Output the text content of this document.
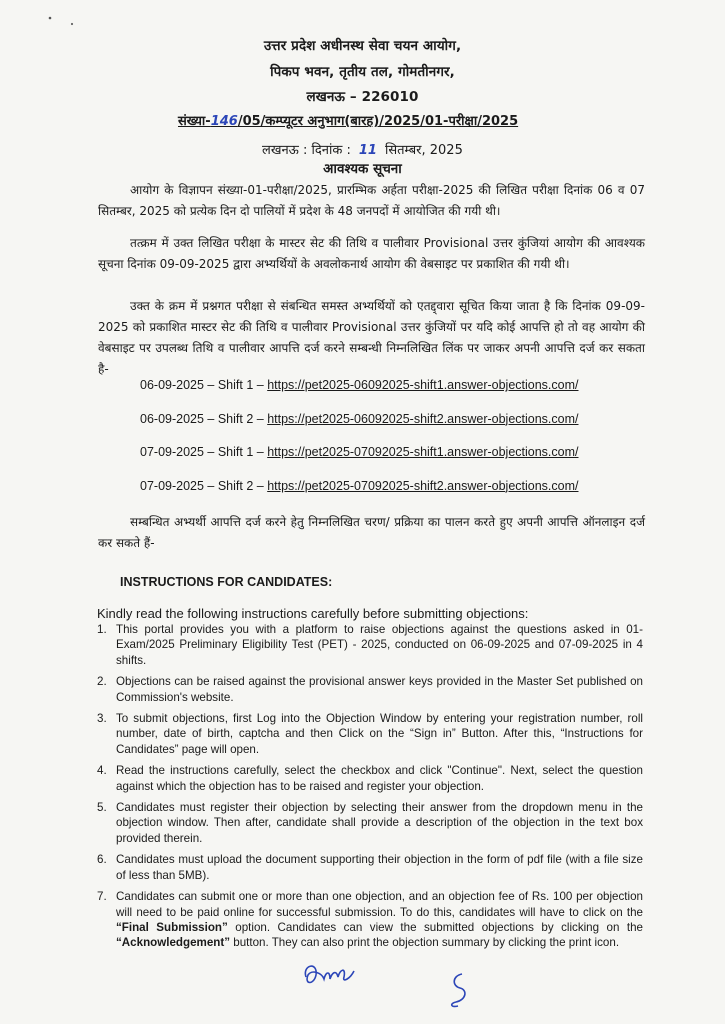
उत्तर प्रदेश अधीनस्थ सेवा चयन आयोग,
पिकप भवन, तृतीय तल, गोमतीनगर,
लखनऊ – 226010
संख्या-146/05/कम्प्यूटर अनुभाग(बारह)/2025/01-परीक्षा/2025
लखनऊ : दिनांक : 11 सितम्बर, 2025
आवश्यक सूचना
आयोग के विज्ञापन संख्या-01-परीक्षा/2025, प्रारम्भिक अर्हता परीक्षा-2025 की लिखित परीक्षा दिनांक 06 व 07 सितम्बर, 2025 को प्रत्येक दिन दो पालियों में प्रदेश के 48 जनपदों में आयोजित की गयी थी।
तत्क्रम में उक्त लिखित परीक्षा के मास्टर सेट की तिथि व पालीवार Provisional उत्तर कुंजियां आयोग की आवश्यक सूचना दिनांक 09-09-2025 द्वारा अभ्यर्थियों के अवलोकनार्थ आयोग की वेबसाइट पर प्रकाशित की गयी थी।
उक्त के क्रम में प्रश्नगत परीक्षा से संबन्धित समस्त अभ्यर्थियों को एतद्द्वारा सूचित किया जाता है कि दिनांक 09-09-2025 को प्रकाशित मास्टर सेट की तिथि व पालीवार Provisional उत्तर कुंजियों पर यदि कोई आपत्ति हो तो वह आयोग की वेबसाइट पर उपलब्ध तिथि व पालीवार आपत्ति दर्ज करने सम्बन्धी निम्नलिखित लिंक पर जाकर अपनी आपत्ति दर्ज कर सकता है-
06-09-2025 – Shift 1 – https://pet2025-06092025-shift1.answer-objections.com/
06-09-2025 – Shift 2 – https://pet2025-06092025-shift2.answer-objections.com/
07-09-2025 – Shift 1 – https://pet2025-07092025-shift1.answer-objections.com/
07-09-2025 – Shift 2 – https://pet2025-07092025-shift2.answer-objections.com/
सम्बन्धित अभ्यर्थी आपत्ति दर्ज करने हेतु निम्नलिखित चरण/ प्रक्रिया का पालन करते हुए अपनी आपत्ति ऑनलाइन दर्ज कर सकते हैं-
INSTRUCTIONS FOR CANDIDATES:
Kindly read the following instructions carefully before submitting objections:
1. This portal provides you with a platform to raise objections against the questions asked in 01-Exam/2025 Preliminary Eligibility Test (PET) - 2025, conducted on 06-09-2025 and 07-09-2025 in 4 shifts.
2. Objections can be raised against the provisional answer keys provided in the Master Set published on Commission's website.
3. To submit objections, first Log into the Objection Window by entering your registration number, roll number, date of birth, captcha and then Click on the “Sign in” Button. After this, “Instructions for Candidates” page will open.
4. Read the instructions carefully, select the checkbox and click "Continue". Next, select the question against which the objection has to be raised and register your objection.
5. Candidates must register their objection by selecting their answer from the dropdown menu in the objection window. Then after, candidate shall provide a description of the objection in the text box provided therein.
6. Candidates must upload the document supporting their objection in the form of pdf file (with a file size of less than 5MB).
7. Candidates can submit one or more than one objection, and an objection fee of Rs. 100 per objection will need to be paid online for successful submission. To do this, candidates will have to click on the “Final Submission” option. Candidates can view the submitted objections by clicking on the “Acknowledgement” button. They can also print the objection summary by clicking the print icon.
